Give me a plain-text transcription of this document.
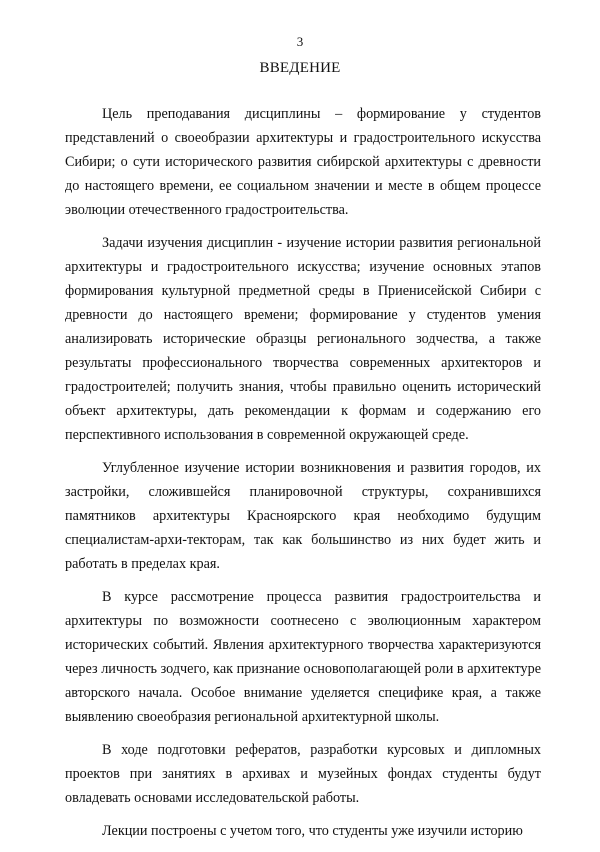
3
ВВЕДЕНИЕ

Цель преподавания дисциплины – формирование у студентов представлений о своеобразии архитектуры и градостроительного искусства Сибири; о сути исторического развития сибирской архитектуры с древности до настоящего времени, ее социальном значении и месте в общем процессе эволюции отечественного градостроительства.

Задачи изучения дисциплин - изучение истории развития региональной архитектуры и градостроительного искусства; изучение основных этапов формирования культурной предметной среды в Приенисейской Сибири с древности до настоящего времени; формирование у студентов умения анализировать исторические образцы регионального зодчества, а также результаты профессионального творчества современных архитекторов и градостроителей; получить знания, чтобы правильно оценить исторический объект архитектуры, дать рекомендации к формам и содержанию его перспективного использования в современной окружающей среде.

Углубленное изучение истории возникновения и развития городов, их застройки, сложившейся планировочной структуры, сохранившихся памятников архитектуры Красноярского края необходимо будущим специалистам-архи-текторам, так как большинство из них будет жить и работать в пределах края.

В курсе рассмотрение процесса развития градостроительства и архитектуры по возможности соотнесено с эволюционным характером исторических событий. Явления архитектурного творчества характеризуются через личность зодчего, как признание основополагающей роли в архитектуре авторского начала. Особое внимание уделяется специфике края, а также выявлению своеобразия региональной архитектурной школы.

В ходе подготовки рефератов, разработки курсовых и дипломных проектов при занятиях в архивах и музейных фондах студенты будут овладевать основами исследовательской работы.

Лекции построены с учетом того, что студенты уже изучили историю
